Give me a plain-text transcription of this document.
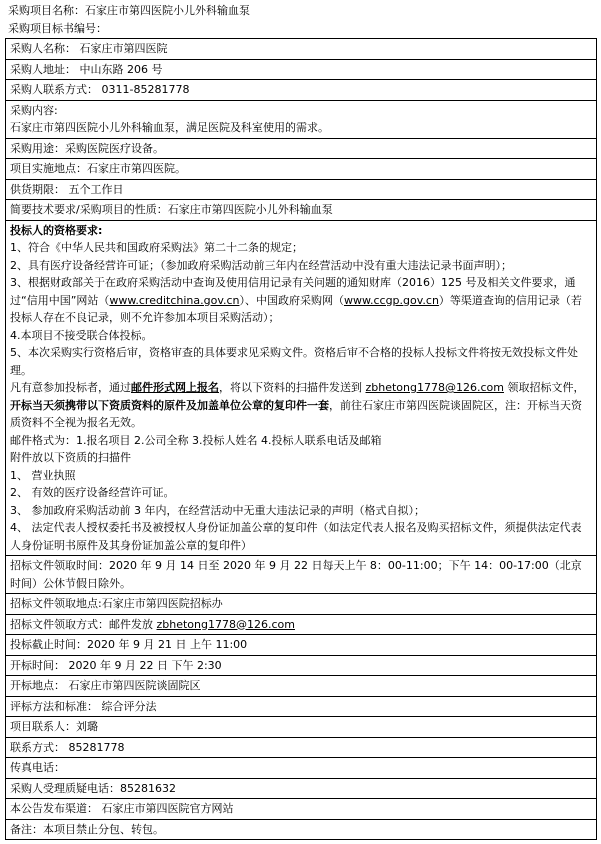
采购项目名称：石家庄市第四医院小儿外科输血泵
采购项目标书编号：
采购人名称： 石家庄市第四医院
采购人地址： 中山东路 206 号
采购人联系方式： 0311-85281778

采购内容:

石家庄市第四医院小儿外科输血泵，满足医院及科室使用的需求。

采购用途：采购医院医疗设备。
项目实施地点：石家庄市第四医院。
供货期限： 五个工作日
简要技术要求/采购项目的性质：石家庄市第四医院小儿外科输血泵

投标人的资格要求:

1、符合《中华人民共和国政府采购法》第二十二条的规定；

2、具有医疗设备经营许可证；（参加政府采购活动前三年内在经营活动中没有重大违法记录书面声明）；

3、根据财政部关于在政府采购活动中查询及使用信用记录有关问题的通知财库（2016）125 号及相关文件要求，通过“信用中国”网站（www.creditchina.gov.cn）、中国政府采购网（www.ccgp.gov.cn）等渠道查询的信用记录（若投标人存在不良记录，则不允许参加本项目采购活动）；

4.本项目不接受联合体投标。

5、本次采购实行资格后审，资格审查的具体要求见采购文件。资格后审不合格的投标人投标文件将按无效投标文件处理。

凡有意参加投标者，通过邮件形式网上报名，将以下资料的扫描件发送到 zbhetong1778@126.com 领取招标文件，开标当天须携带以下资质资料的原件及加盖单位公章的复印件一套，前往石家庄市第四医院谈固院区，注：开标当天资质资料不全视为报名无效。

邮件格式为：1.报名项目 2.公司全称 3.投标人姓名 4.投标人联系电话及邮箱

附件放以下资质的扫描件

1、 营业执照

2、 有效的医疗设备经营许可证。

3、 参加政府采购活动前 3 年内，在经营活动中无重大违法记录的声明（格式自拟）；

4、 法定代表人授权委托书及被授权人身份证加盖公章的复印件（如法定代表人报名及购买招标文件，须提供法定代表人身份证明书原件及其身份证加盖公章的复印件）

招标文件领取时间：2020 年 9 月 14 日至 2020 年 9 月 22 日每天上午 8：00-11:00；下午 14：00-17:00（北京时间）公休节假日除外。
招标文件领取地点:石家庄市第四医院招标办
招标文件领取方式：邮件发放 zbhetong1778@126.com
投标截止时间：2020 年 9 月 21 日 上午 11:00
开标时间： 2020 年 9 月 22 日 下午 2:30
开标地点： 石家庄市第四医院谈固院区
评标方法和标准： 综合评分法
项目联系人：刘璐
联系方式： 85281778
传真电话：
采购人受理质疑电话：85281632
本公告发布渠道： 石家庄市第四医院官方网站
备注：本项目禁止分包、转包。
